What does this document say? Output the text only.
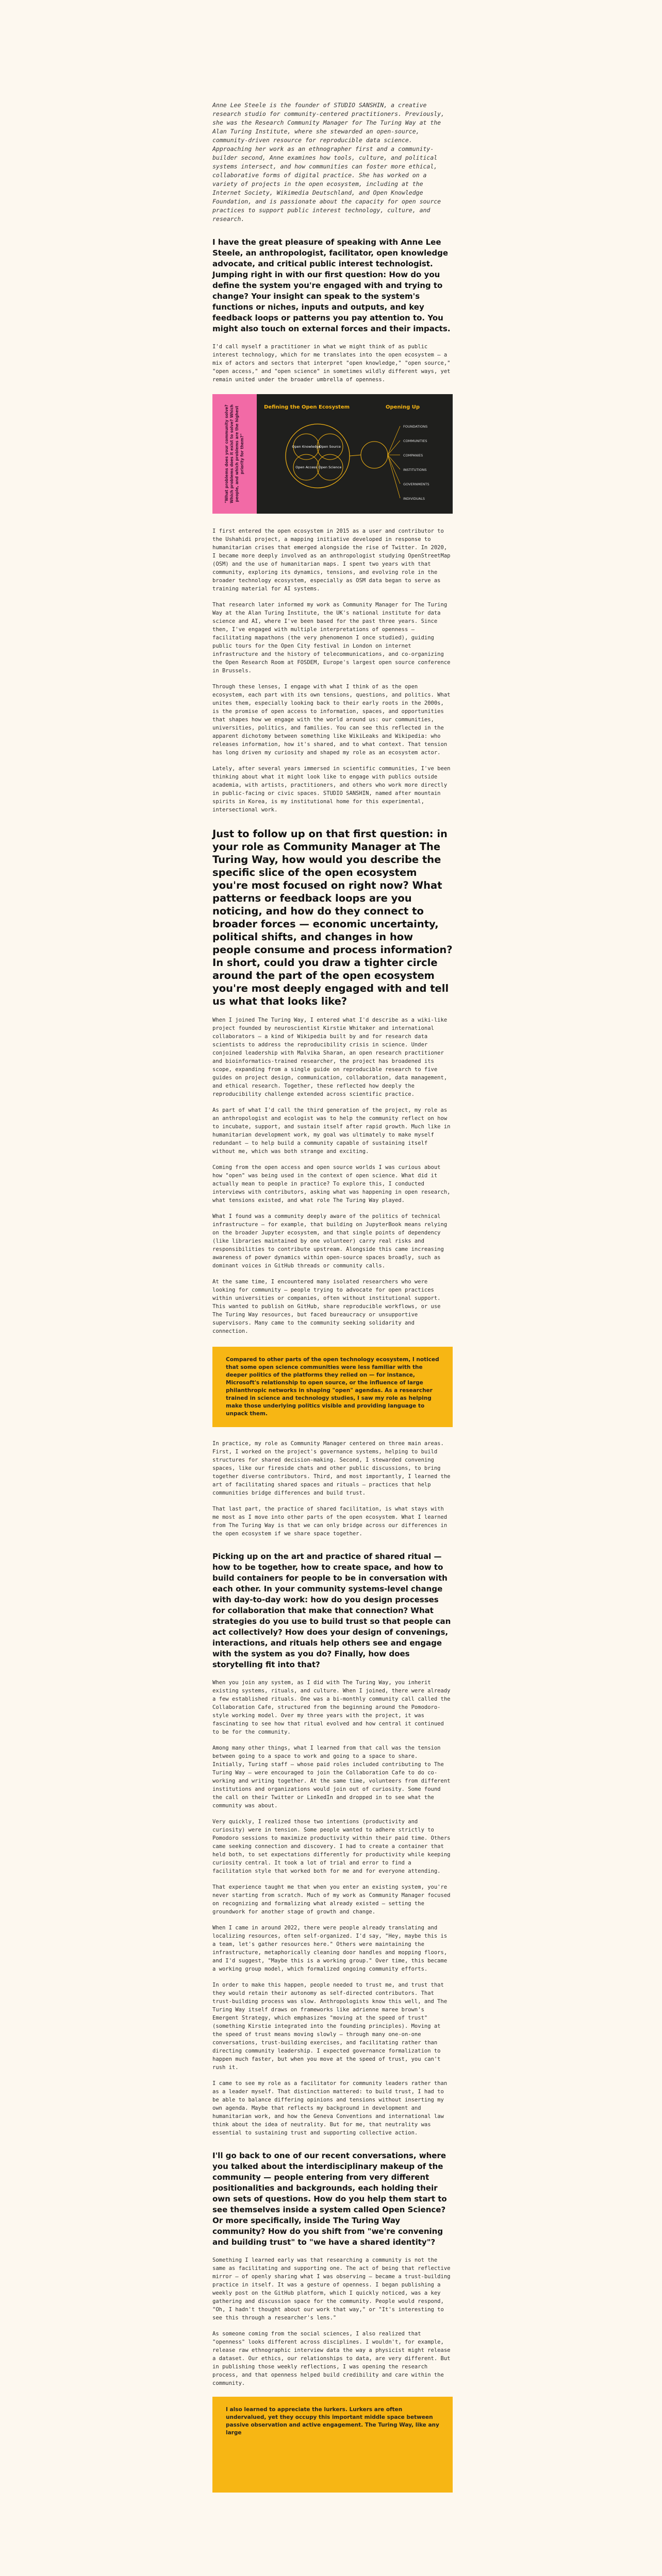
Anne Lee Steele is the founder of STUDIO SANSHIN, a creative research studio for community-centered practitioners. Previously, she was the Research Community Manager for The Turing Way at the Alan Turing Institute, where she stewarded an open-source, community-driven resource for reproducible data science. Approaching her work as an ethnographer first and a community-builder second, Anne examines how tools, culture, and political systems intersect, and how communities can foster more ethical, collaborative forms of digital practice. She has worked on a variety of projects in the open ecosystem, including at the Internet Society, Wikimedia Deutschland, and Open Knowledge Foundation, and is passionate about the capacity for open source practices to support public interest technology, culture, and research.

I have the great pleasure of speaking with Anne Lee Steele, an anthropologist, facilitator, open knowledge advocate, and critical public interest technologist. Jumping right in with our first question: How do you define the system you're engaged with and trying to change? Your insight can speak to the system's functions or niches, inputs and outputs, and key feedback loops or patterns you pay attention to. You might also touch on external forces and their impacts.

I'd call myself a practitioner in what we might think of as public interest technology, which for me translates into the open ecosystem — a mix of actors and sectors that interpret "open knowledge," "open source," "open access," and "open science" in sometimes wildly different ways, yet remain united under the broader umbrella of openness.

"What problems does your community solve? Which problems does it exist to solve? Which people, and which problems are the highest priority for them?"
Defining the Open Ecosystem	Opening Up
Open Knowledge
Open Source
Open Access Open Science
FOUNDATIONS
COMMUNITIES
COMPANIES
INSTITUTIONS
GOVERNMENTS
INDIVIDUALS

I first entered the open ecosystem in 2015 as a user and contributor to the Ushahidi project, a mapping initiative developed in response to humanitarian crises that emerged alongside the rise of Twitter. In 2020, I became more deeply involved as an anthropologist studying OpenStreetMap (OSM) and the use of humanitarian maps. I spent two years with that community, exploring its dynamics, tensions, and evolving role in the broader technology ecosystem, especially as OSM data began to serve as training material for AI systems.

That research later informed my work as Community Manager for The Turing Way at the Alan Turing Institute, the UK's national institute for data science and AI, where I've been based for the past three years. Since then, I've engaged with multiple interpretations of openness — facilitating mapathons (the very phenomenon I once studied), guiding public tours for the Open City festival in London on internet infrastructure and the history of telecommunications, and co-organizing the Open Research Room at FOSDEM, Europe's largest open source conference in Brussels.

Through these lenses, I engage with what I think of as the open ecosystem, each part with its own tensions, questions, and politics. What unites them, especially looking back to their early roots in the 2000s, is the promise of open access to information, spaces, and opportunities that shapes how we engage with the world around us: our communities, universities, politics, and families. You can see this reflected in the apparent dichotomy between something like WikiLeaks and Wikipedia: who releases information, how it's shared, and to what context. That tension has long driven my curiosity and shaped my role as an ecosystem actor.

Lately, after several years immersed in scientific communities, I've been thinking about what it might look like to engage with publics outside academia, with artists, practitioners, and others who work more directly in public-facing or civic spaces. STUDIO SANSHIN, named after mountain spirits in Korea, is my institutional home for this experimental, intersectional work.

Just to follow up on that first question: in your role as Community Manager at The Turing Way, how would you describe the specific slice of the open ecosystem you're most focused on right now? What patterns or feedback loops are you noticing, and how do they connect to broader forces — economic uncertainty, political shifts, and changes in how people consume and process information? In short, could you draw a tighter circle around the part of the open ecosystem you're most deeply engaged with and tell us what that looks like?

When I joined The Turing Way, I entered what I'd describe as a wiki-like project founded by neuroscientist Kirstie Whitaker and international collaborators — a kind of Wikipedia built by and for research data scientists to address the reproducibility crisis in science. Under conjoined leadership with Malvika Sharan, an open research practitioner and bioinformatics-trained researcher, the project has broadened its scope, expanding from a single guide on reproducible research to five guides on project design, communication, collaboration, data management, and ethical research. Together, these reflected how deeply the reproducibility challenge extended across scientific practice.

As part of what I'd call the third generation of the project, my role as an anthropologist and ecologist was to help the community reflect on how to incubate, support, and sustain itself after rapid growth. Much like in humanitarian development work, my goal was ultimately to make myself redundant — to help build a community capable of sustaining itself without me, which was both strange and exciting.

Coming from the open access and open source worlds I was curious about how "open" was being used in the context of open science. What did it actually mean to people in practice? To explore this, I conducted interviews with contributors, asking what was happening in open research, what tensions existed, and what role The Turing Way played.

What I found was a community deeply aware of the politics of technical infrastructure — for example, that building on JupyterBook means relying on the broader Jupyter ecosystem, and that single points of dependency (like libraries maintained by one volunteer) carry real risks and responsibilities to contribute upstream. Alongside this came increasing awareness of power dynamics within open-source spaces broadly, such as dominant voices in GitHub threads or community calls.

At the same time, I encountered many isolated researchers who were looking for community — people trying to advocate for open practices within universities or companies, often without institutional support. This wanted to publish on GitHub, share reproducible workflows, or use The Turing Way resources, but faced bureaucracy or unsupportive supervisors. Many came to the community seeking solidarity and connection.

Compared to other parts of the open technology ecosystem, I noticed that some open science communities were less familiar with the deeper politics of the platforms they relied on — for instance, Microsoft's relationship to open source, or the influence of large philanthropic networks in shaping "open" agendas. As a researcher trained in science and technology studies, I saw my role as helping make those underlying politics visible and providing language to unpack them.

In practice, my role as Community Manager centered on three main areas. First, I worked on the project's governance systems, helping to build structures for shared decision-making. Second, I stewarded convening spaces, like our fireside chats and other public discussions, to bring together diverse contributors. Third, and most importantly, I learned the art of facilitating shared spaces and rituals — practices that help communities bridge differences and build trust.

That last part, the practice of shared facilitation, is what stays with me most as I move into other parts of the open ecosystem. What I learned from The Turing Way is that we can only bridge across our differences in the open ecosystem if we share space together.

Picking up on the art and practice of shared ritual — how to be together, how to create space, and how to build containers for people to be in conversation with each other. In your community systems-level change with day-to-day work: how do you design processes for collaboration that make that connection? What strategies do you use to build trust so that people can act collectively? How does your design of convenings, interactions, and rituals help others see and engage with the system as you do? Finally, how does storytelling fit into that?

When you join any system, as I did with The Turing Way, you inherit existing systems, rituals, and culture. When I joined, there were already a few established rituals. One was a bi-monthly community call called the Collaboration Cafe, structured from the beginning around the Pomodoro-style working model. Over my three years with the project, it was fascinating to see how that ritual evolved and how central it continued to be for the community.

Among many other things, what I learned from that call was the tension between going to a space to work and going to a space to share. Initially, Turing staff — whose paid roles included contributing to The Turing Way — were encouraged to join the Collaboration Cafe to do co-working and writing together. At the same time, volunteers from different institutions and organizations would join out of curiosity. Some found the call on their Twitter or LinkedIn and dropped in to see what the community was about.

Very quickly, I realized those two intentions (productivity and curiosity) were in tension. Some people wanted to adhere strictly to Pomodoro sessions to maximize productivity within their paid time. Others came seeking connection and discovery. I had to create a container that held both, to set expectations differently for productivity while keeping curiosity central. It took a lot of trial and error to find a facilitation style that worked both for me and for everyone attending.

That experience taught me that when you enter an existing system, you're never starting from scratch. Much of my work as Community Manager focused on recognizing and formalizing what already existed — setting the groundwork for another stage of growth and change.

When I came in around 2022, there were people already translating and localizing resources, often self-organized. I'd say, "Hey, maybe this is a team, let's gather resources here." Others were maintaining the infrastructure, metaphorically cleaning door handles and mopping floors, and I'd suggest, "Maybe this is a working group." Over time, this became a working group model, which formalized ongoing community efforts.

In order to make this happen, people needed to trust me, and trust that they would retain their autonomy as self-directed contributors. That trust-building process was slow. Anthropologists know this well, and The Turing Way itself draws on frameworks like adrienne maree brown's Emergent Strategy, which emphasizes "moving at the speed of trust" (something Kirstie integrated into the founding principles). Moving at the speed of trust means moving slowly — through many one-on-one conversations, trust-building exercises, and facilitating rather than directing community leadership. I expected governance formalization to happen much faster, but when you move at the speed of trust, you can't rush it.

I came to see my role as a facilitator for community leaders rather than as a leader myself. That distinction mattered: to build trust, I had to be able to balance differing opinions and tensions without inserting my own agenda. Maybe that reflects my background in development and humanitarian work, and how the Geneva Conventions and international law think about the idea of neutrality. But for me, that neutrality was essential to sustaining trust and supporting collective action.

I'll go back to one of our recent conversations, where you talked about the interdisciplinary makeup of the community — people entering from very different positionalities and backgrounds, each holding their own sets of questions. How do you help them start to see themselves inside a system called Open Science? Or more specifically, inside The Turing Way community? How do you shift from "we're convening and building trust" to "we have a shared identity"?

Something I learned early was that researching a community is not the same as facilitating and supporting one. The act of being that reflective mirror — of openly sharing what I was observing — became a trust-building practice in itself. It was a gesture of openness. I began publishing a weekly post on the GitHub platform, which I quickly noticed, was a key gathering and discussion space for the community. People would respond, "Oh, I hadn't thought about our work that way," or "It's interesting to see this through a researcher's lens."

As someone coming from the social sciences, I also realized that "openness" looks different across disciplines. I wouldn't, for example, release raw ethnographic interview data the way a physicist might release a dataset. Our ethics, our relationships to data, are very different. But in publishing those weekly reflections, I was opening the research process, and that openness helped build credibility and care within the community.

I also learned to appreciate the lurkers. Lurkers are often undervalued, yet they occupy this important middle space between passive observation and active engagement. The Turing Way, like any large
